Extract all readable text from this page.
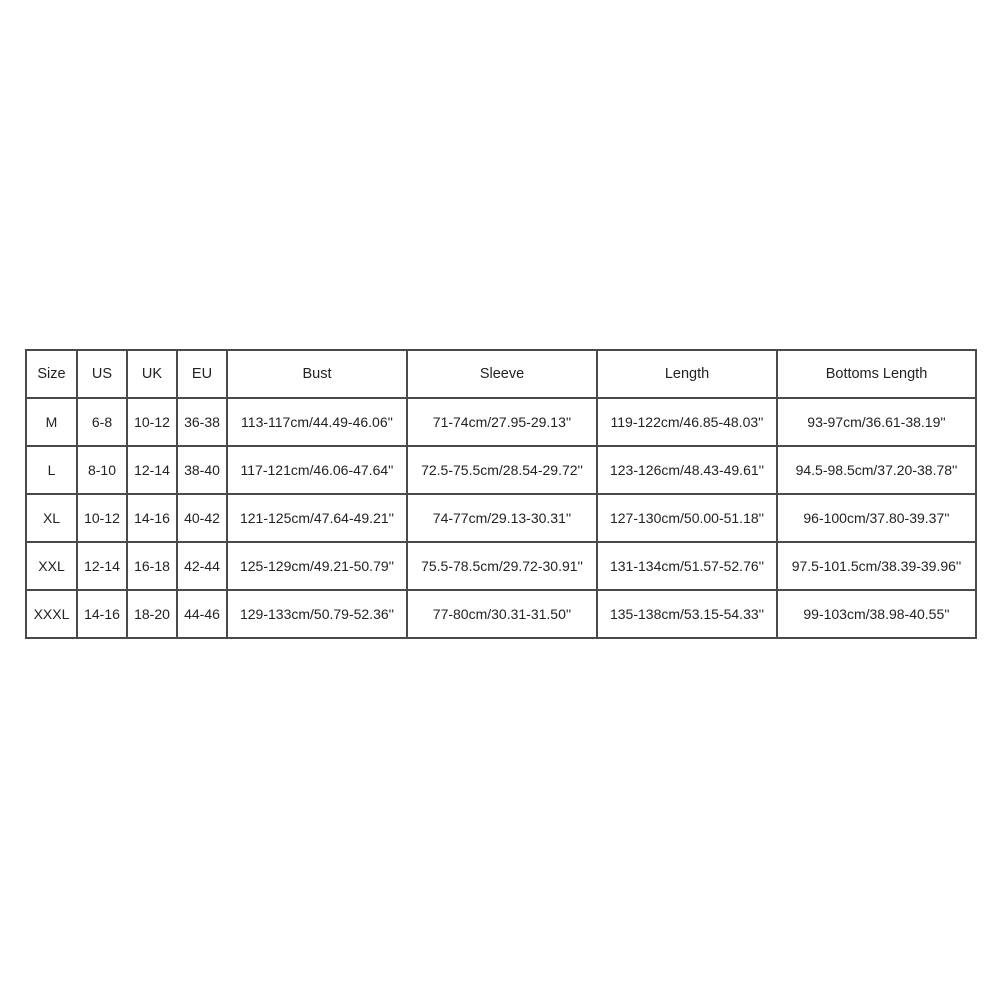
Size	US	UK	EU	Bust	Sleeve	Length	Bottoms Length
M	6-8	10-12	36-38	113-117cm/44.49-46.06''	71-74cm/27.95-29.13''	119-122cm/46.85-48.03''	93-97cm/36.61-38.19''
L	8-10	12-14	38-40	117-121cm/46.06-47.64''	72.5-75.5cm/28.54-29.72''	123-126cm/48.43-49.61''	94.5-98.5cm/37.20-38.78''
XL	10-12	14-16	40-42	121-125cm/47.64-49.21''	74-77cm/29.13-30.31''	127-130cm/50.00-51.18''	96-100cm/37.80-39.37''
XXL	12-14	16-18	42-44	125-129cm/49.21-50.79''	75.5-78.5cm/29.72-30.91''	131-134cm/51.57-52.76''	97.5-101.5cm/38.39-39.96''
XXXL	14-16	18-20	44-46	129-133cm/50.79-52.36''	77-80cm/30.31-31.50''	135-138cm/53.15-54.33''	99-103cm/38.98-40.55''
